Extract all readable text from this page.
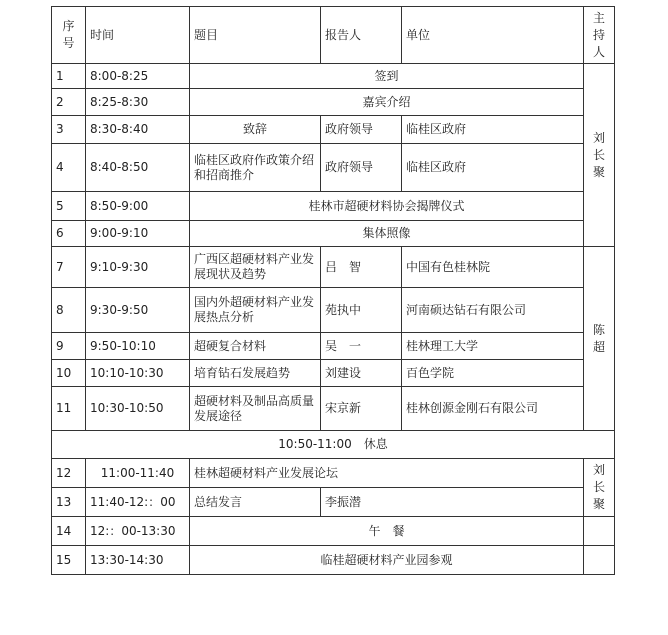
序号	时间	题目	报告人	单位	主持人

1	8:00-8:25	签到			刘长聚

2	8:25-8:30	嘉宾介绍			
3	8:30-8:40	致辞	政府领导	临桂区政府	
4	8:40-8:50	临桂区政府作政策介绍和招商推介	政府领导	临桂区政府	
5	8:50-9:00	桂林市超硬材料协会揭牌仪式			
6	9:00-9:10	集体照像			
7	9:10-9:30	广西区超硬材料产业发展现状及趋势	吕　智	中国有色桂林院	陈超

8	9:30-9:50	国内外超硬材料产业发展热点分析	苑执中	河南硕达钻石有限公司	
9	9:50-10:10	超硬复合材料	吴　一	桂林理工大学	
10	10:10-10:30	培育钻石发展趋势	刘建设	百色学院	
11	10:30-10:50	超硬材料及制品高质量发展途径	宋京新	桂林创源金刚石有限公司	
10:50-11:00　休息					
12	11:00-11:40	桂林超硬材料产业发展论坛			刘长聚

13	11:40-12:：00	总结发言	李振潜		
14	12:：00-13:30	午　餐			
15	13:30-14:30	临桂超硬材料产业园参观			
